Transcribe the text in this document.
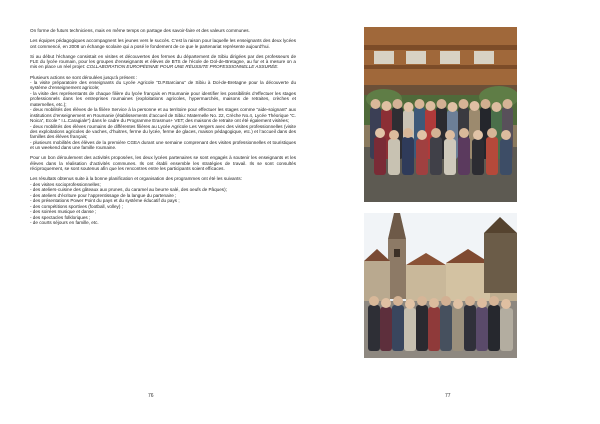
On forme de futurs techniciens, mais en même temps on partage des savoir-faire et des valeurs communes.

Les équipes pédagogiques accompagnent les jeunes vers le succès. C’est la raison pour laquelle les enseignants des deux lycées ont commencé, en 2008 un échange scolaire qui a posé le fondement de ce que le partenariat représente aujourd’hui.

Si au début l’échange consistait en visites et découvertes des fermes du département de Sibiu dirigées par des professeurs de FLE du lycée roumain, pour les groupes d’enseignants et élèves de BTS de l’école de Dol-de-Bretagne, au fur et à mesure on a mis en place un réel projet: COLLABORATION EUROPÉENNE POUR UNE RÉUSSITE PROFESSIONNELLE ASSURÉE.

Plusieurs actions se sont déroulées jusqu’à présent :
- la visite préparatoire des enseignants du Lycée Agricole “D.P.Barcianu” de Sibiu à Dol-de-Bretagne pour la découverte du système d’enseignement agricole;
- la visite des représentants de chaque filière du lycée français en Roumanie pour identifier les possibilités d’effectuer les stages professionnels dans les entreprises roumaines (exploitations agricoles, hypermarchés, maisons de retraites, crèches et maternelles, etc.);
- deux mobilités des élèves de la filière Service à la personne et au territoire pour effectuer les stages comme “aide-soignant” aux institutions d’enseignement en Roumanie (établissements d’accueil de Sibiu: Maternelle No. 22, Crèche No.4, Lycée Théorique “C. Noica”, Ecole “ I.L.Caragiale”) dans le cadre du Programme Erasmus+ VET; des maisons de retraite ont été également visitées;
- deux mobilités des élèves roumains de différentes filières au Lycée Agricole Les Vergers avec des visites professionnelles (visite des exploitations agricoles de vaches, d’huitres, ferme du lycée, ferme de glaces, maison pédagogique, etc.) et l’accueil dans des familles des élèves français;
- plusieurs mobilités des élèves de la première CGEA durant une semaine comprenant des visites professionnelles et touristiques et un weekend dans une famille roumaine.

Pour un bon déroulement des activités proposées, les deux lycées partenaires se sont engagés à soutenir les enseignants et les élèves dans la réalisation d’activités communes. Ils ont établi ensemble les stratégies de travail. Ils se sont consultés réciproquement, se sont soutenus afin que les rencontres entre les participants soient efficaces.

Les résultats obtenus suite à la bonne planification et organisation des programmes ont été les suivants:
- des visites socioprofessionnelles;
- des ateliers-cuisine des gâteaux aux prunes, du caramel au beurre salé, des oeufs de Pâques);
- des ateliers d’écriture pour l’apprentissage de la langue du partenaire ;
- des présentations Power Point du pays et du système éducatif du pays ;
- des compétitions sportives (football, volley) ;
- des soirées musique et danse ;
- des spectacles folkloriques ;
- de courts séjours en famille, etc.

76	77
